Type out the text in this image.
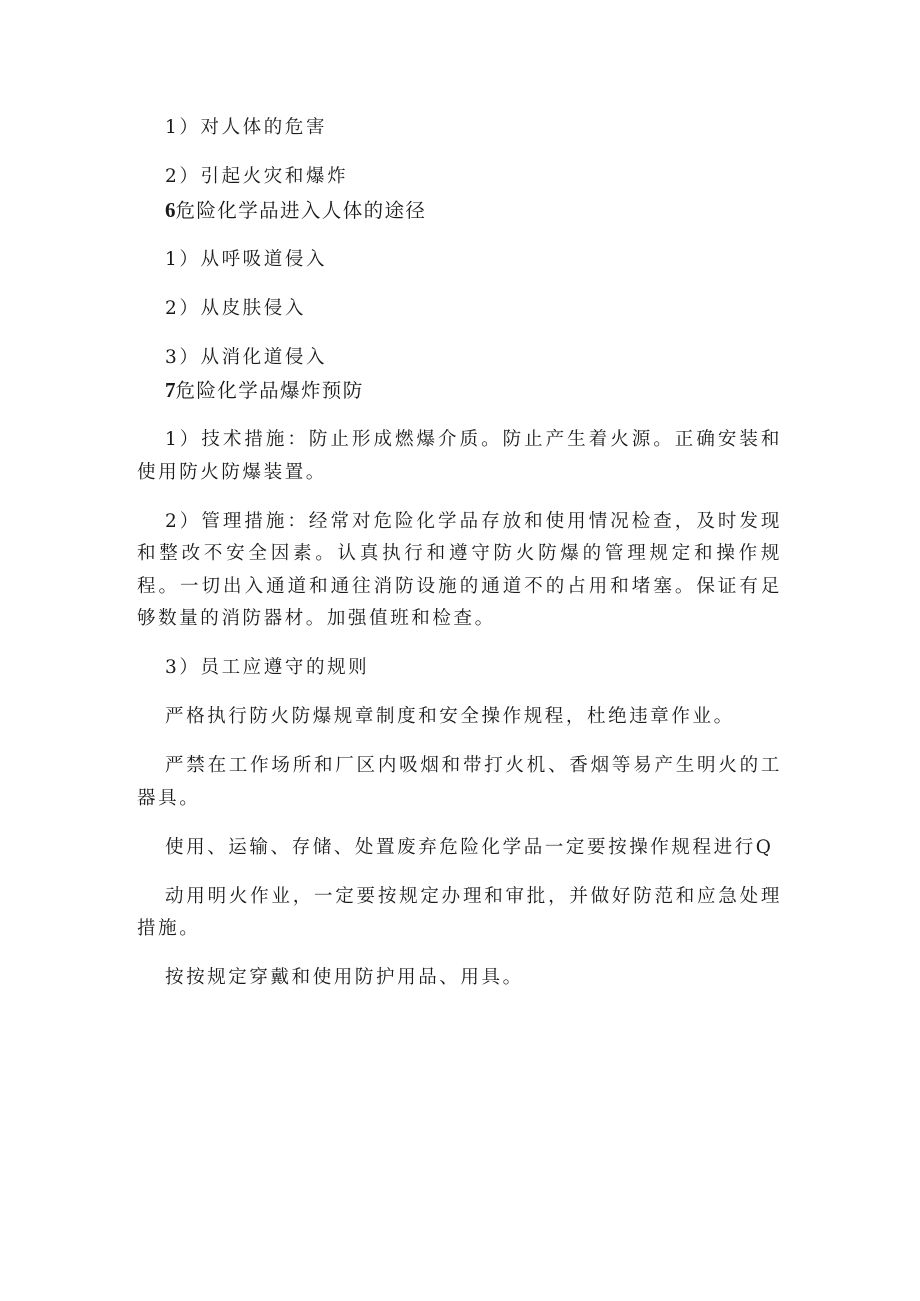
1）对人体的危害

2）引起火灾和爆炸

6危险化学品进入人体的途径

1）从呼吸道侵入

2）从皮肤侵入

3）从消化道侵入

7危险化学品爆炸预防

1）技术措施：防止形成燃爆介质。防止产生着火源。正确安装和使用防火防爆装置。

2）管理措施：经常对危险化学品存放和使用情况检查，及时发现和整改不安全因素。认真执行和遵守防火防爆的管理规定和操作规程。一切出入通道和通往消防设施的通道不的占用和堵塞。保证有足够数量的消防器材。加强值班和检查。

3）员工应遵守的规则

严格执行防火防爆规章制度和安全操作规程，杜绝违章作业。

严禁在工作场所和厂区内吸烟和带打火机、香烟等易产生明火的工器具。

使用、运输、存储、处置废弃危险化学品一定要按操作规程进行Q

动用明火作业，一定要按规定办理和审批，并做好防范和应急处理措施。

按按规定穿戴和使用防护用品、用具。
